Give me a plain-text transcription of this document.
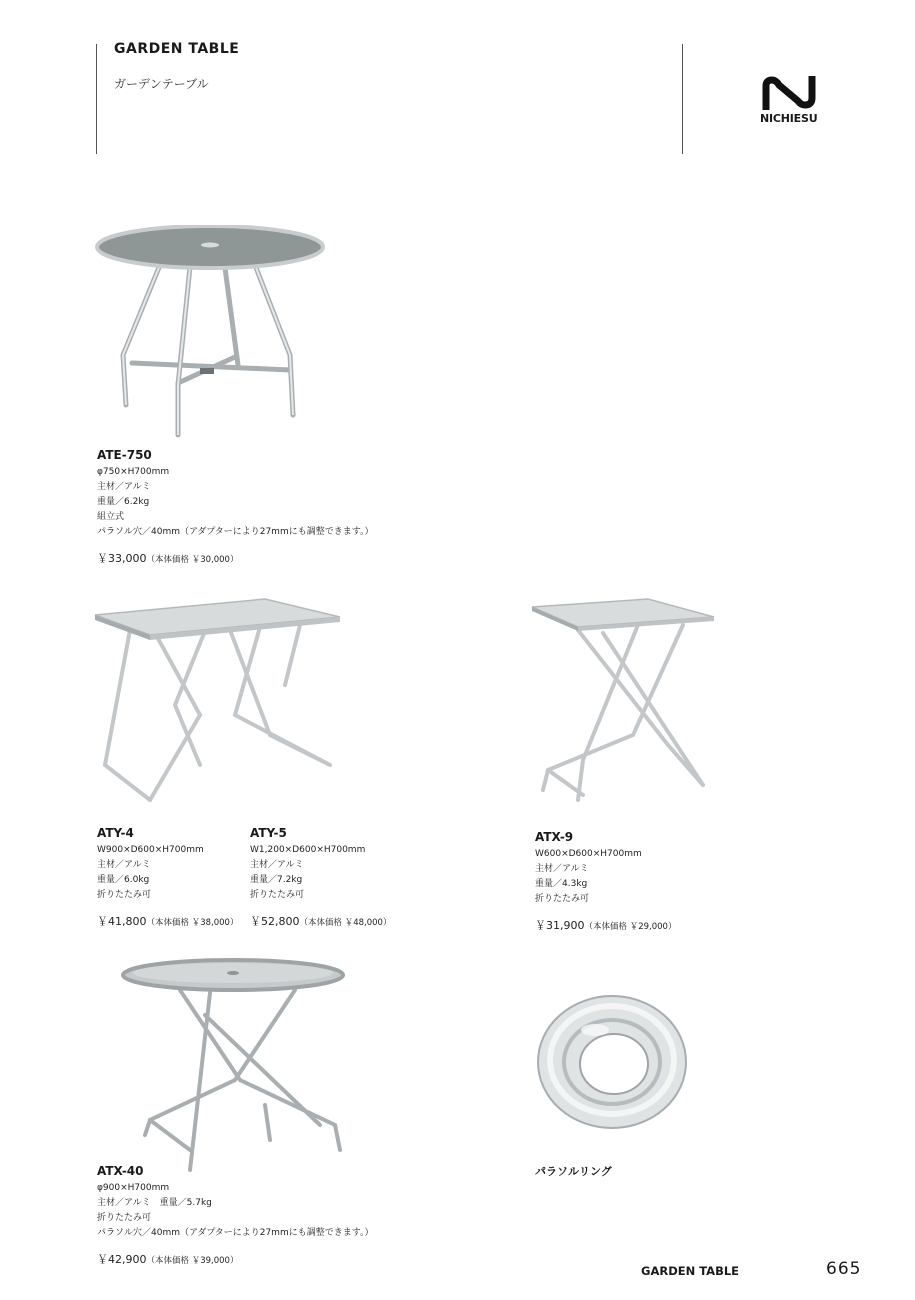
GARDEN TABLE
ガーデンテーブル
NICHIESU
ATE-750
φ750×H700mm
主材／アルミ
重量／6.2kg
組立式
パラソル穴／40mm（アダプターにより27mmにも調整できます。）
￥33,000（本体価格 ￥30,000）
ATY-4
W900×D600×H700mm
主材／アルミ
重量／6.0kg
折りたたみ可
￥41,800（本体価格 ￥38,000）
ATY-5
W1,200×D600×H700mm
主材／アルミ
重量／7.2kg
折りたたみ可
￥52,800（本体価格 ￥48,000）
ATX-9
W600×D600×H700mm
主材／アルミ
重量／4.3kg
折りたたみ可
￥31,900（本体価格 ￥29,000）
ATX-40
φ900×H700mm
主材／アルミ　重量／5.7kg
折りたたみ可
パラソル穴／40mm（アダプターにより27mmにも調整できます。）
￥42,900（本体価格 ￥39,000）
パラソルリング
GARDEN TABLE	665
